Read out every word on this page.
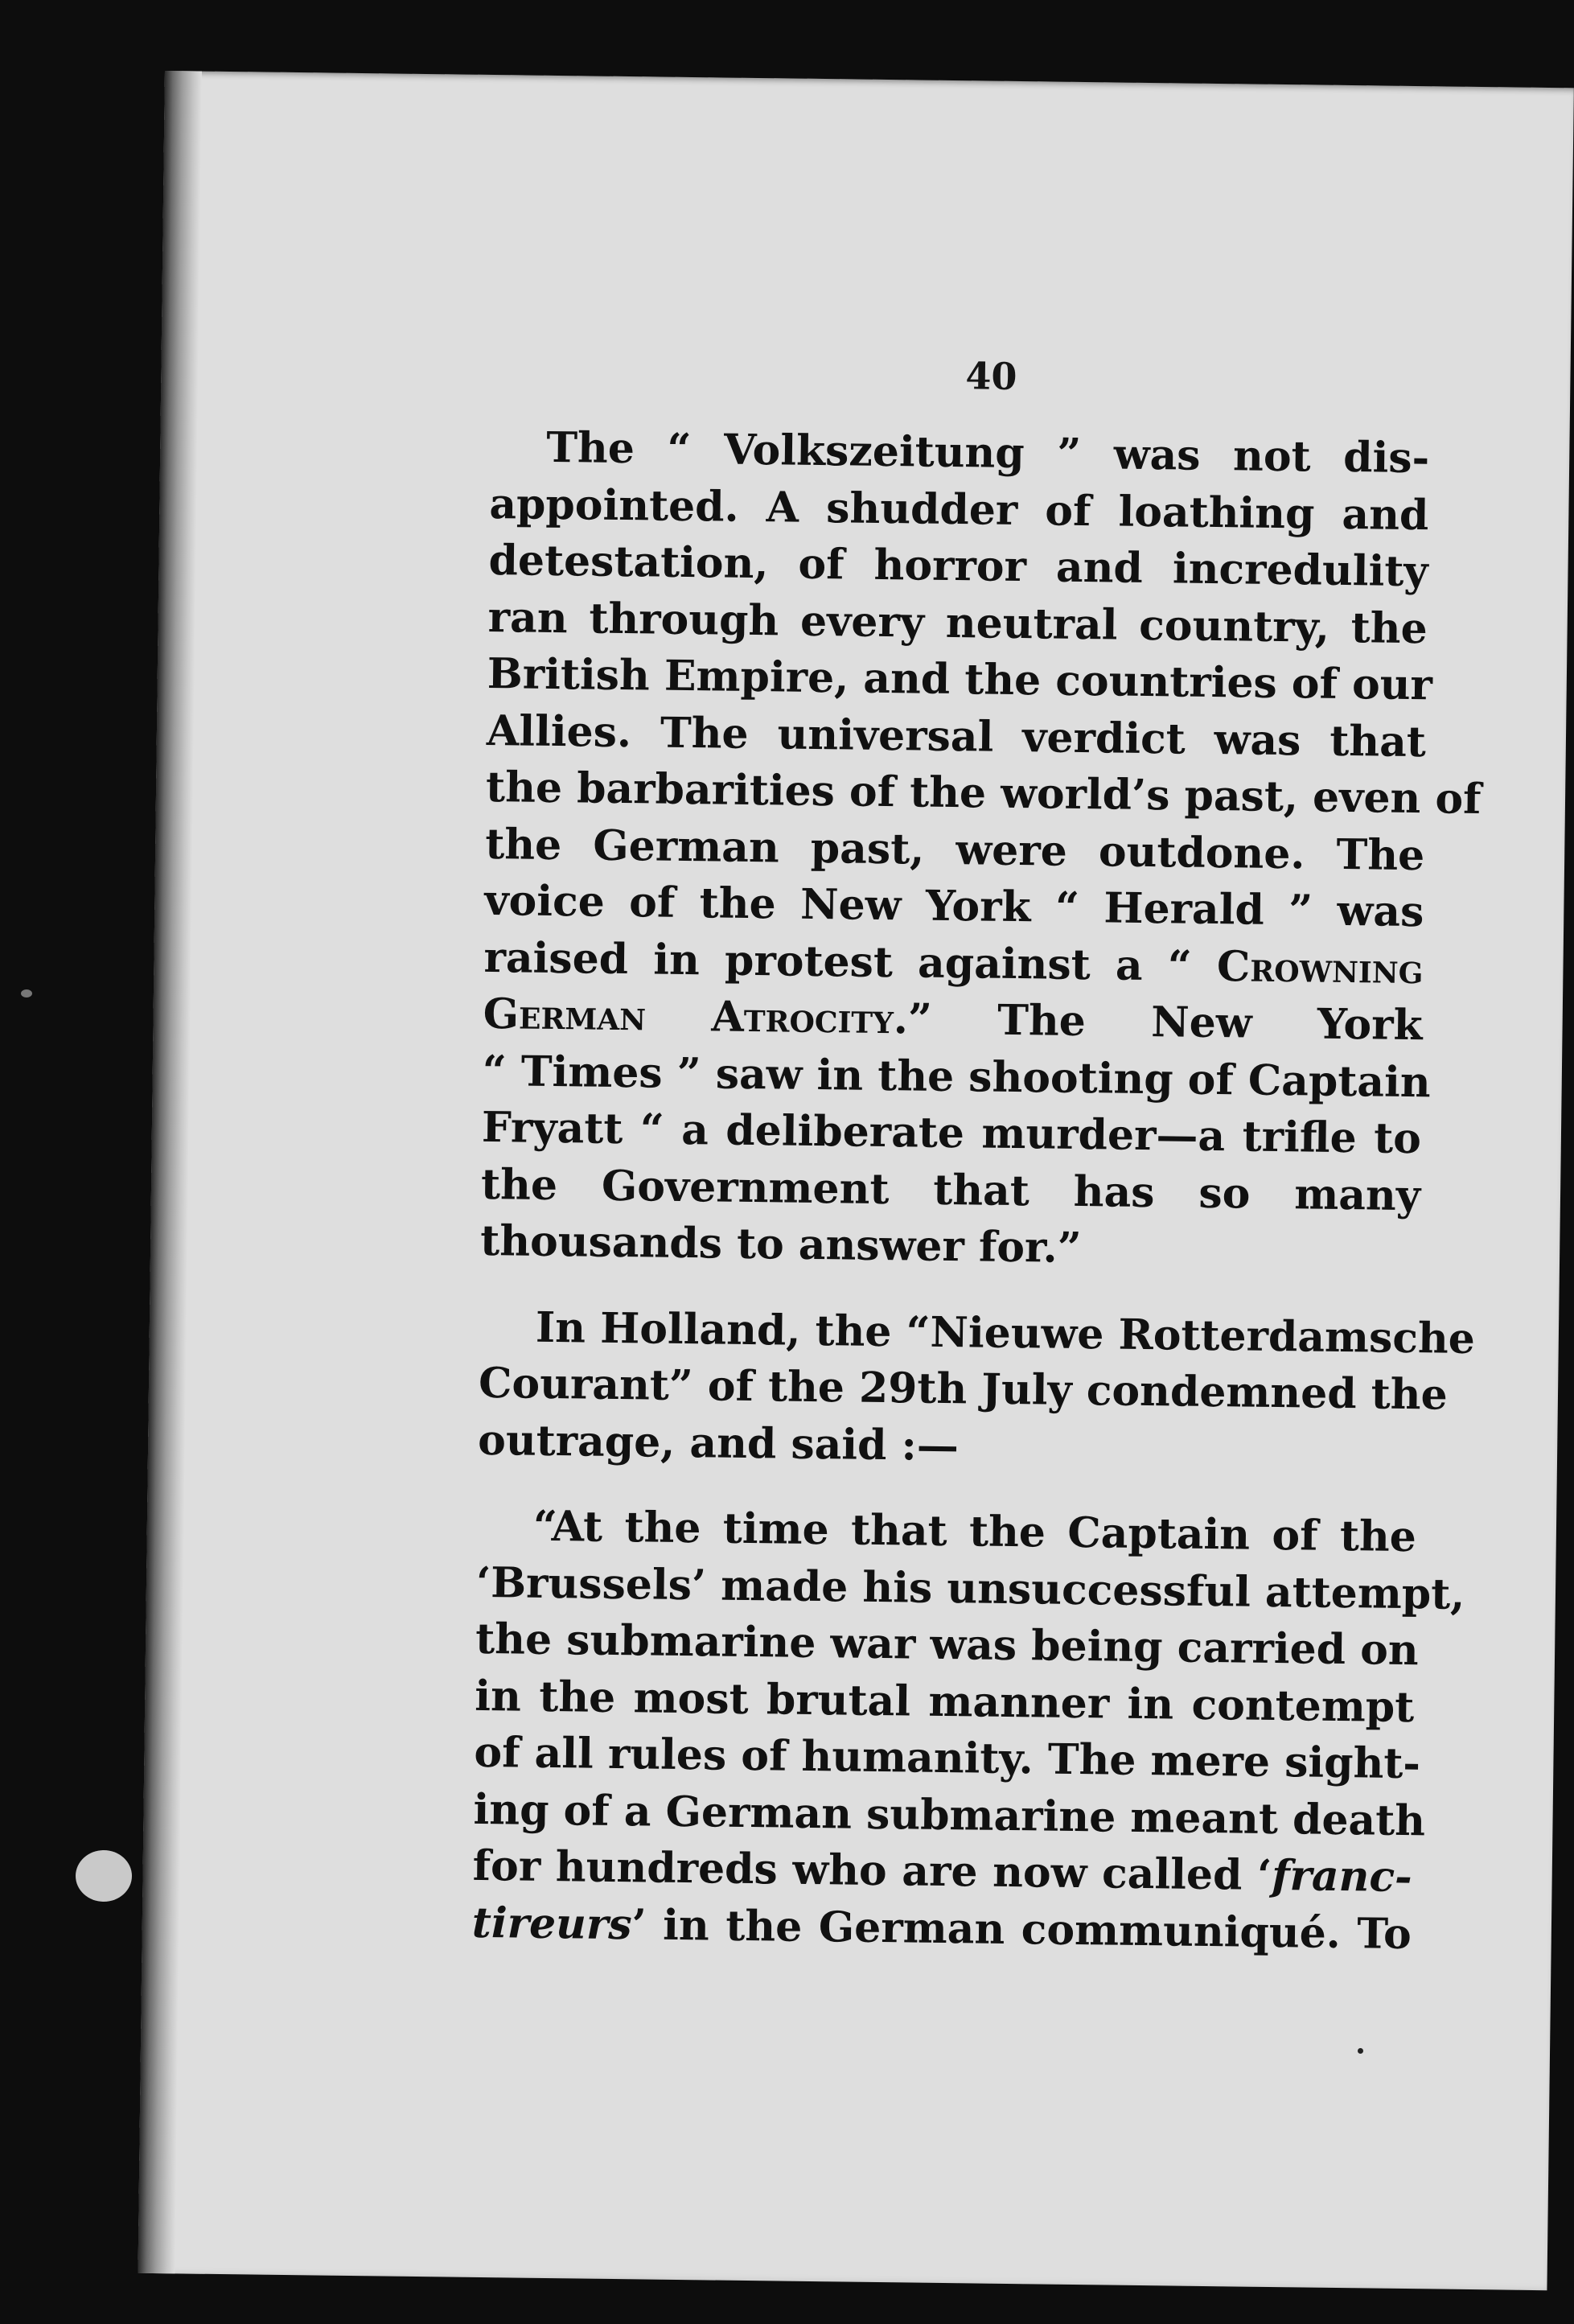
40
The “ Volkszeitung ” was not dis-
appointed. A shudder of loathing and
detestation, of horror and incredulity
ran through every neutral country, the
British Empire, and the countries of our
Allies. The universal verdict was that
the barbarities of the world’s past, even of
the German past, were outdone. The
voice of the New York “ Herald ” was
raised in protest against a “ Crowning
German Atrocity.” The New York
“ Times ” saw in the shooting of Captain
Fryatt “ a deliberate murder—a trifle to
the Government that has so many
thousands to answer for.”
In Holland, the “Nieuwe Rotterdamsche
Courant” of the 29th July condemned the
outrage, and said :—
“At the time that the Captain of the
‘Brussels’ made his unsuccessful attempt,
the submarine war was being carried on
in the most brutal manner in contempt
of all rules of humanity. The mere sight-
ing of a German submarine meant death
for hundreds who are now called ‘franc-
tireurs’ in the German communiqué. To
